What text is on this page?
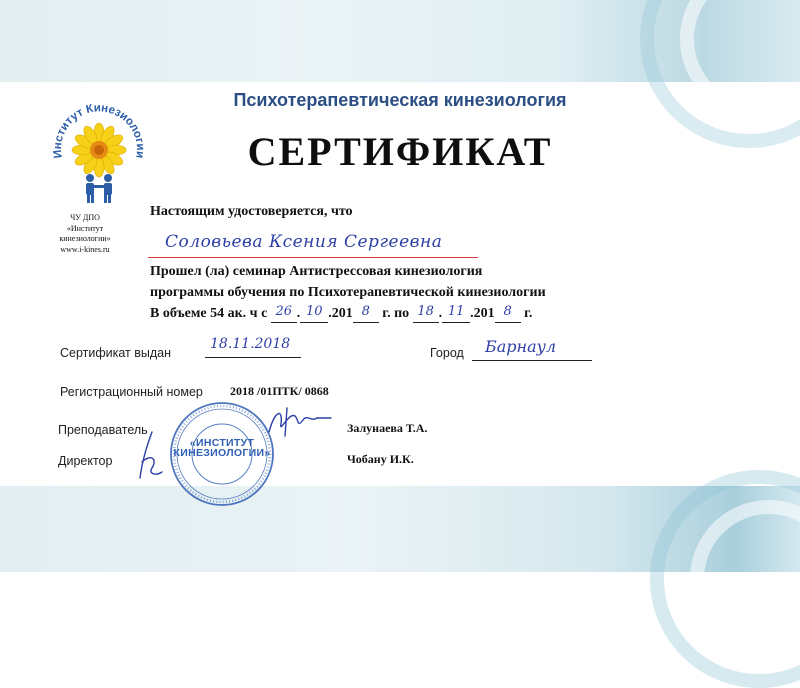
Институт Кинезиологии
ЧУ ДПО
«Институт
кинезиологии»
www.i-kines.ru
Психотерапевтическая кинезиология
СЕРТИФИКАТ
Настоящим удостоверяется, что
Соловьева Ксения Сергеевна
Прошел (ла) семинар Антистрессовая кинезиология
программы обучения по Психотерапевтической кинезиологии
В объеме 54 ак. ч с 26 . 10 .201 8 г. по 18 . 11 .201 8 г.
Сертификат выдан
18.11.2018
Город Барнаул
Регистрационный номер 2018 /01ПТК/ 0868
«ИНСТИТУТ
КИНЕЗИОЛОГИИ»
Преподаватель	Залунаева Т.А.
Директор	Чобану И.К.
